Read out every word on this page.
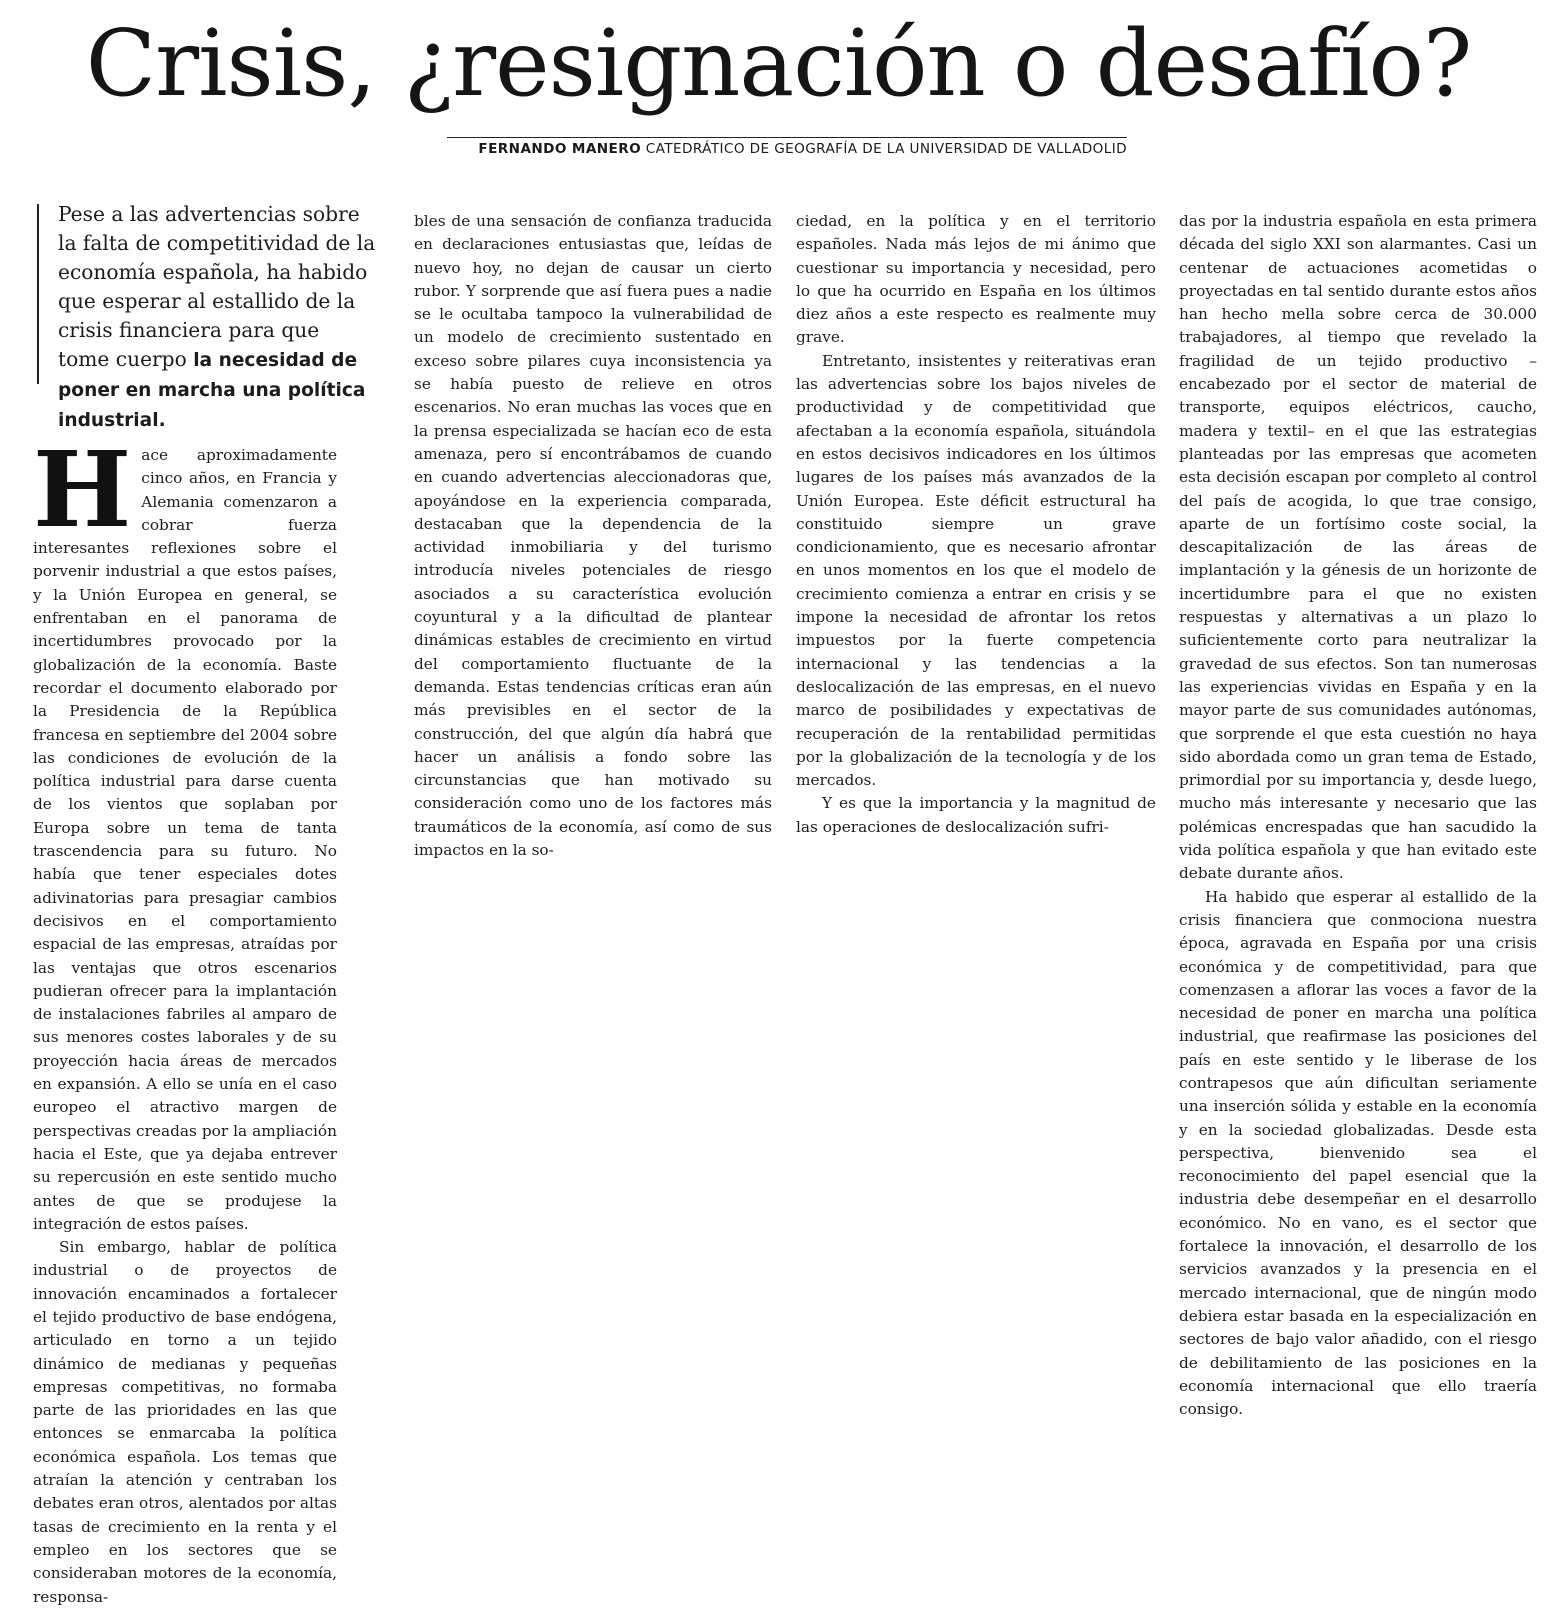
Crisis, ¿resignación o desafío?
FERNANDO MANERO CATEDRÁTICO DE GEOGRAFÍA DE LA UNIVERSIDAD DE VALLADOLID
Pese a las advertencias sobre la falta de competitividad de la economía española, ha habido que esperar al estallido de la crisis financiera para que tome cuerpo la necesidad de poner en marcha una política industrial.

Hace aproximadamente cinco años, en Francia y Alemania comenzaron a cobrar fuerza interesantes reflexiones sobre el porvenir industrial a que estos países, y la Unión Europea en general, se enfrentaban en el panorama de incertidumbres provocado por la globalización de la economía. Baste recordar el documento elaborado por la Presidencia de la República francesa en septiembre del 2004 sobre las condiciones de evolución de la política industrial para darse cuenta de los vientos que soplaban por Europa sobre un tema de tanta trascendencia para su futuro. No había que tener especiales dotes adivinatorias para presagiar cambios decisivos en el comportamiento espacial de las empresas, atraídas por las ventajas que otros escenarios pudieran ofrecer para la implantación de instalaciones fabriles al amparo de sus menores costes laborales y de su proyección hacia áreas de mercados en expansión. A ello se unía en el caso europeo el atractivo margen de perspectivas creadas por la ampliación hacia el Este, que ya dejaba entrever su repercusión en este sentido mucho antes de que se produjese la integración de estos países.

Sin embargo, hablar de política industrial o de proyectos de innovación encaminados a fortalecer el tejido productivo de base endógena, articulado en torno a un tejido dinámico de medianas y pequeñas empresas competitivas, no formaba parte de las prioridades en las que entonces se enmarcaba la política económica española. Los temas que atraían la atención y centraban los debates eran otros, alentados por altas tasas de crecimiento en la renta y el empleo en los sectores que se consideraban motores de la economía, responsa-

bles de una sensación de confianza traducida en declaraciones entusiastas que, leídas de nuevo hoy, no dejan de causar un cierto rubor. Y sorprende que así fuera pues a nadie se le ocultaba tampoco la vulnerabilidad de un modelo de crecimiento sustentado en exceso sobre pilares cuya inconsistencia ya se había puesto de relieve en otros escenarios. No eran muchas las voces que en la prensa especializada se hacían eco de esta amenaza, pero sí encontrábamos de cuando en cuando advertencias aleccionadoras que, apoyándose en la experiencia comparada, destacaban que la dependencia de la actividad inmobiliaria y del turismo introducía niveles potenciales de riesgo asociados a su característica evolución coyuntural y a la dificultad de plantear dinámicas estables de crecimiento en virtud del comportamiento fluctuante de la demanda. Estas tendencias críticas eran aún más previsibles en el sector de la construcción, del que algún día habrá que hacer un análisis a fondo sobre las circunstancias que han motivado su consideración como uno de los factores más traumáticos de la economía, así como de sus impactos en la so-

ciedad, en la política y en el territorio españoles. Nada más lejos de mi ánimo que cuestionar su importancia y necesidad, pero lo que ha ocurrido en España en los últimos diez años a este respecto es realmente muy grave.

Entretanto, insistentes y reiterativas eran las advertencias sobre los bajos niveles de productividad y de competitividad que afectaban a la economía española, situándola en estos decisivos indicadores en los últimos lugares de los países más avanzados de la Unión Europea. Este déficit estructural ha constituido siempre un grave condicionamiento, que es necesario afrontar en unos momentos en los que el modelo de crecimiento comienza a entrar en crisis y se impone la necesidad de afrontar los retos impuestos por la fuerte competencia internacional y las tendencias a la deslocalización de las empresas, en el nuevo marco de posibilidades y expectativas de recuperación de la rentabilidad permitidas por la globalización de la tecnología y de los mercados.

Y es que la importancia y la magnitud de las operaciones de deslocalización sufri-

das por la industria española en esta primera década del siglo XXI son alarmantes. Casi un centenar de actuaciones acometidas o proyectadas en tal sentido durante estos años han hecho mella sobre cerca de 30.000 trabajadores, al tiempo que revelado la fragilidad de un tejido productivo –encabezado por el sector de material de transporte, equipos eléctricos, caucho, madera y textil– en el que las estrategias planteadas por las empresas que acometen esta decisión escapan por completo al control del país de acogida, lo que trae consigo, aparte de un fortísimo coste social, la descapitalización de las áreas de implantación y la génesis de un horizonte de incertidumbre para el que no existen respuestas y alternativas a un plazo lo suficientemente corto para neutralizar la gravedad de sus efectos. Son tan numerosas las experiencias vividas en España y en la mayor parte de sus comunidades autónomas, que sorprende el que esta cuestión no haya sido abordada como un gran tema de Estado, primordial por su importancia y, desde luego, mucho más interesante y necesario que las polémicas encrespadas que han sacudido la vida política española y que han evitado este debate durante años.

Ha habido que esperar al estallido de la crisis financiera que conmociona nuestra época, agravada en España por una crisis económica y de competitividad, para que comenzasen a aflorar las voces a favor de la necesidad de poner en marcha una política industrial, que reafirmase las posiciones del país en este sentido y le liberase de los contrapesos que aún dificultan seriamente una inserción sólida y estable en la economía y en la sociedad globalizadas. Desde esta perspectiva, bienvenido sea el reconocimiento del papel esencial que la industria debe desempeñar en el desarrollo económico. No en vano, es el sector que fortalece la innovación, el desarrollo de los servicios avanzados y la presencia en el mercado internacional, que de ningún modo debiera estar basada en la especialización en sectores de bajo valor añadido, con el riesgo de debilitamiento de las posiciones en la economía internacional que ello traería consigo.
